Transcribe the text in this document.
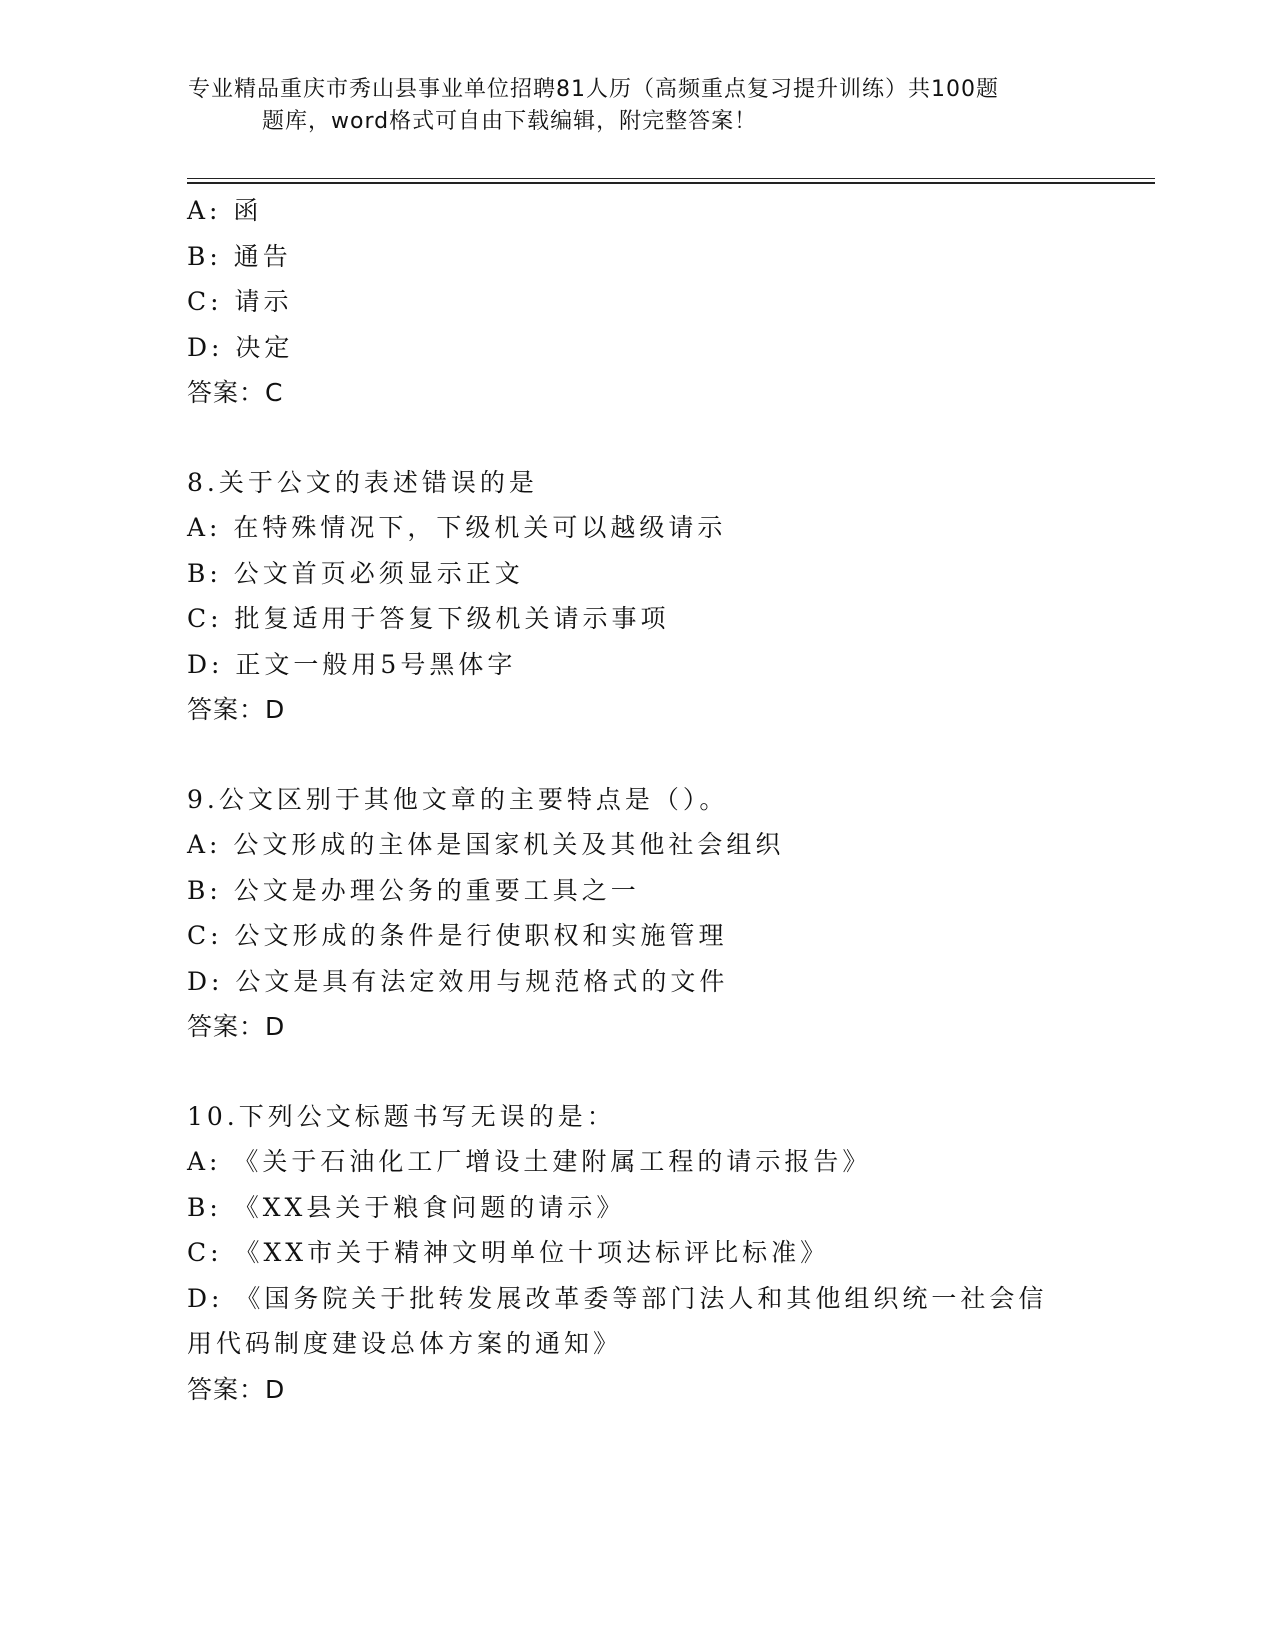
专业精品重庆市秀山县事业单位招聘81人历（高频重点复习提升训练）共100题
题库，word格式可自由下载编辑，附完整答案！
A: 函
B: 通告
C: 请示
D: 决定
答案：C
8.关于公文的表述错误的是
A: 在特殊情况下，下级机关可以越级请示
B: 公文首页必须显示正文
C: 批复适用于答复下级机关请示事项
D: 正文一般用5号黑体字
答案：D
9.公文区别于其他文章的主要特点是（）。
A: 公文形成的主体是国家机关及其他社会组织
B: 公文是办理公务的重要工具之一
C: 公文形成的条件是行使职权和实施管理
D: 公文是具有法定效用与规范格式的文件
答案：D
10.下列公文标题书写无误的是：
A: 《关于石油化工厂增设土建附属工程的请示报告》
B: 《XX县关于粮食问题的请示》
C: 《XX市关于精神文明单位十项达标评比标准》
D: 《国务院关于批转发展改革委等部门法人和其他组织统一社会信用代码制度建设总体方案的通知》
答案：D
